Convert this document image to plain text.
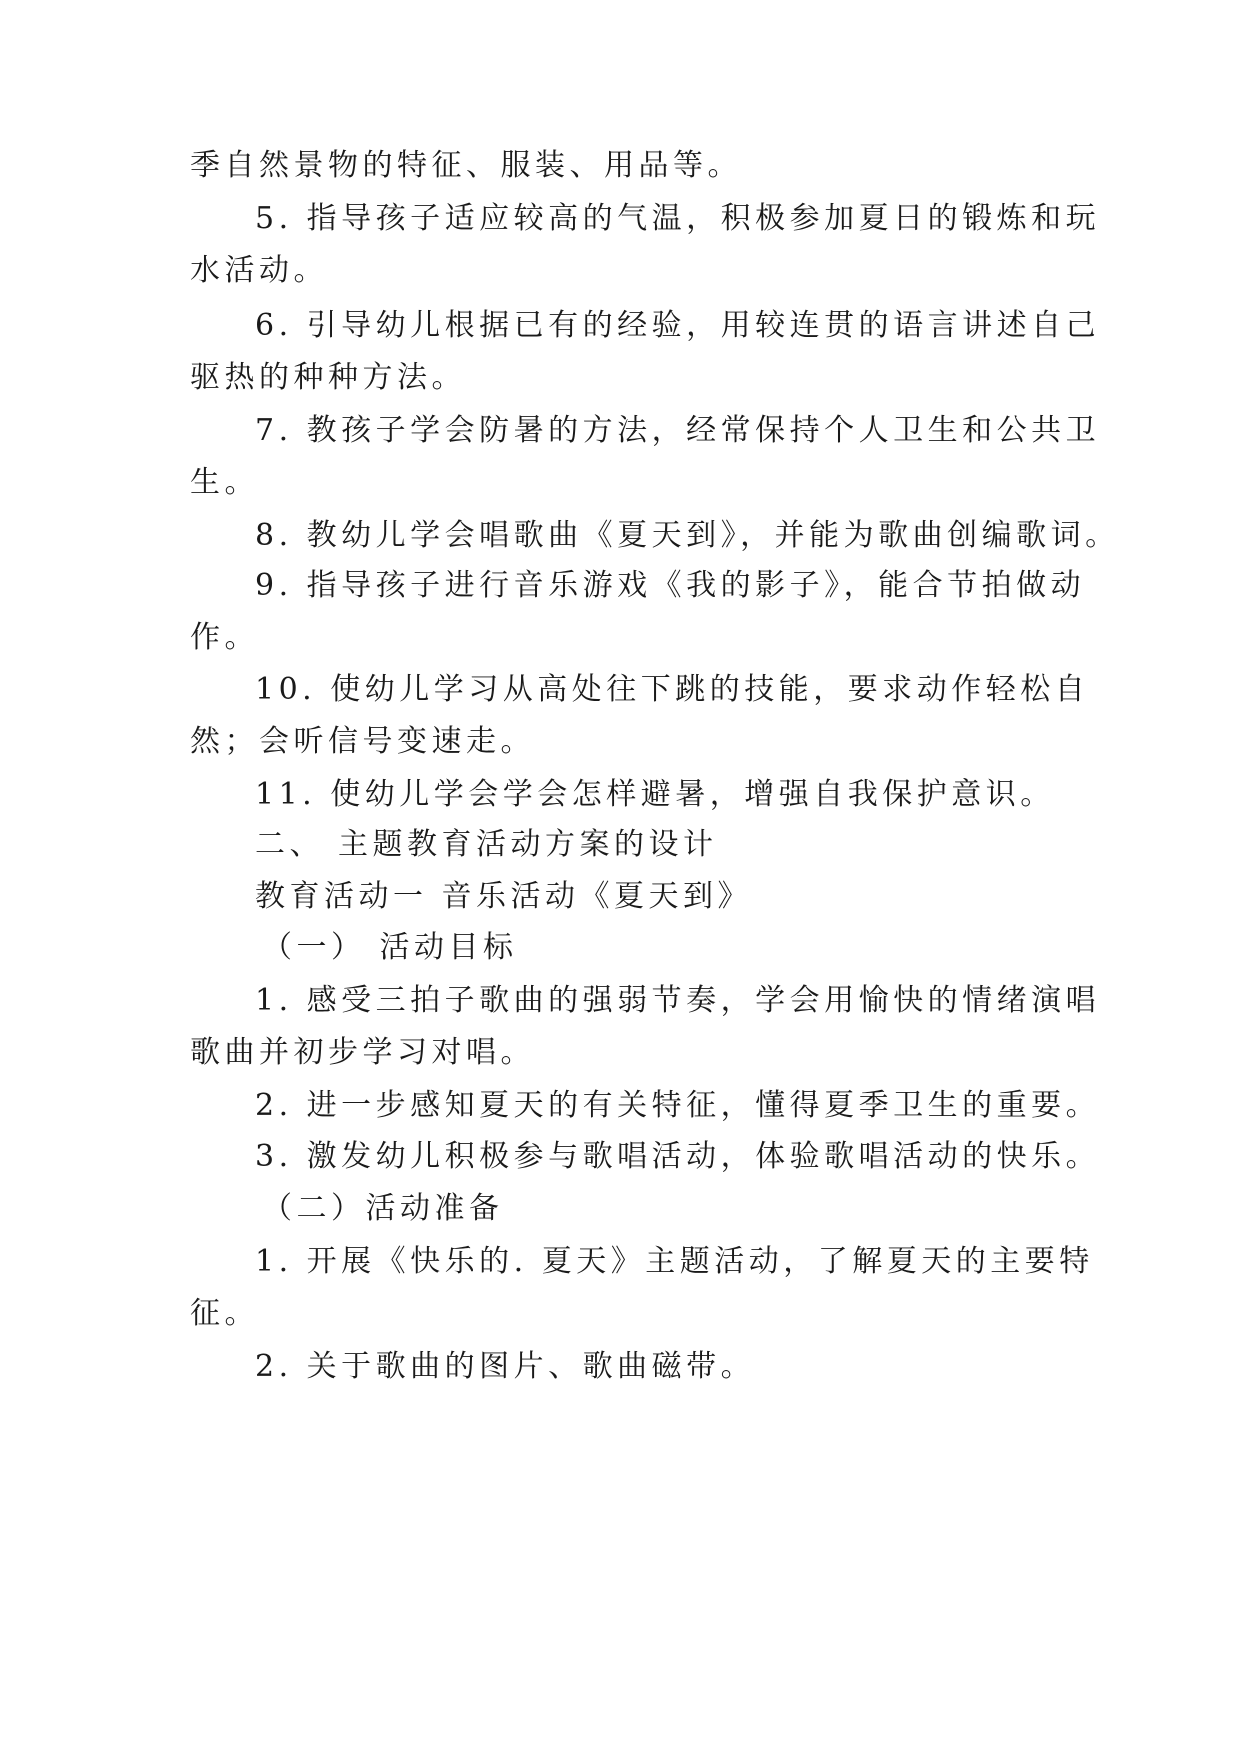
季自然景物的特征、服装、用品等。
5. 指导孩子适应较高的气温，积极参加夏日的锻炼和玩
水活动。
6. 引导幼儿根据已有的经验，用较连贯的语言讲述自己
驱热的种种方法。
7. 教孩子学会防暑的方法，经常保持个人卫生和公共卫
生。
8. 教幼儿学会唱歌曲《夏天到》，并能为歌曲创编歌词。
9. 指导孩子进行音乐游戏《我的影子》，能合节拍做动
作。
10. 使幼儿学习从高处往下跳的技能，要求动作轻松自
然；会听信号变速走。
11. 使幼儿学会学会怎样避暑，增强自我保护意识。
二、 主题教育活动方案的设计
教育活动一 音乐活动《夏天到》
（一） 活动目标
1. 感受三拍子歌曲的强弱节奏，学会用愉快的情绪演唱
歌曲并初步学习对唱。
2. 进一步感知夏天的有关特征，懂得夏季卫生的重要。
3. 激发幼儿积极参与歌唱活动，体验歌唱活动的快乐。
（二）活动准备
1. 开展《快乐的. 夏天》主题活动，了解夏天的主要特
征。
2. 关于歌曲的图片、歌曲磁带。
